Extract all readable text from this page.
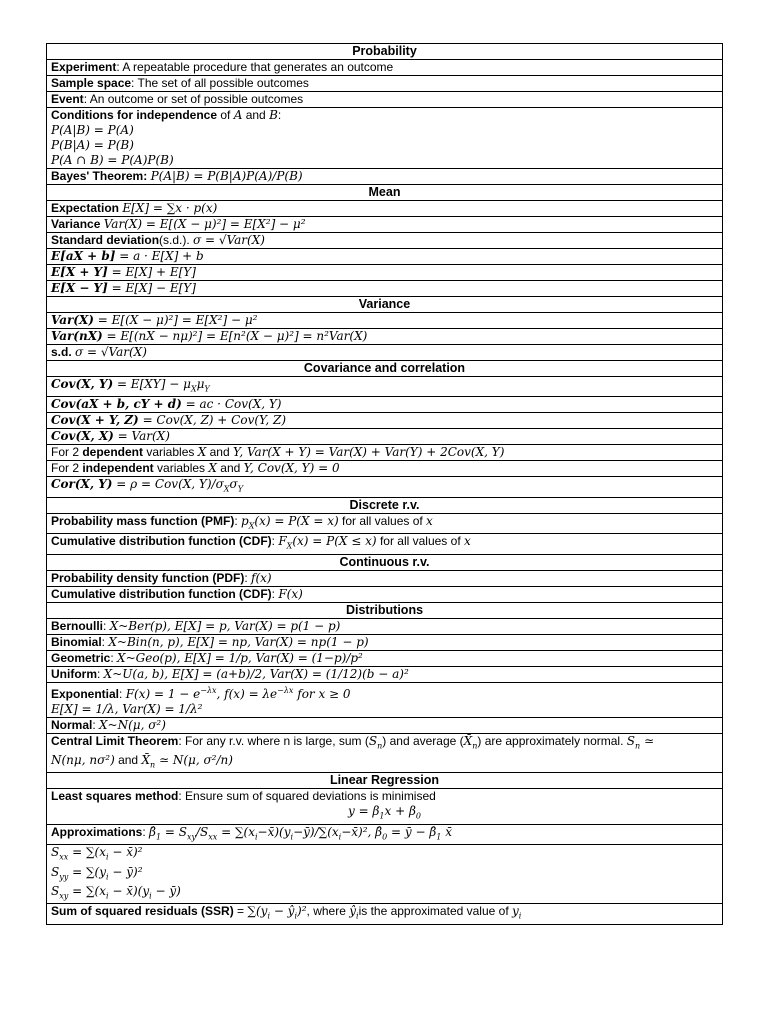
Probability

Experiment: A repeatable procedure that generates an outcome

Sample space: The set of all possible outcomes

Event: An outcome or set of possible outcomes

Conditions for independence of A and B:
P(A|B) = P(A)
P(B|A) = P(B)
P(A ∩ B) = P(A)P(B)

Bayes' Theorem: P(A|B) = P(B|A)P(A)/P(B)

Mean

Expectation E[X] = ∑x · p(x)

Variance Var(X) = E[(X − μ)²] = E[X²] − μ²

Standard deviation(s.d.). σ = √Var(X)

E[aX + b] = a · E[X] + b

E[X + Y] = E[X] + E[Y]

E[X − Y] = E[X] − E[Y]

Variance

Var(X) = E[(X − μ)²] = E[X²] − μ²

Var(nX) = E[(nX − nμ)²] = E[n²(X − μ)²] = n²Var(X)

s.d. σ = √Var(X)

Covariance and correlation

Cov(X, $Y) = E[XY] - \mu_X\mu_Y$

Cov(aX + b, cY + d) = ac · Cov(X, Y)

Cov(X + Y, Z) = Cov(X, Z) + Cov(Y, Z)

Cov(X, X) = Var(X)

For 2 dependent variables X and Y, Var(X + Y) = Var(X) + Var(Y) + 2Cov(X, Y)

For 2 independent variables X and Y, Cov(X, Y) = 0

Cor(X, Y) = ρ = Cov(X, $Y)/\sigma_X\sigma_Y$

Discrete r.v.

Probability mass function (PMF): $p_X(x) = P(X = x)$ for all values of x

Cumulative distribution function (CDF): $F_X(x) = P(X \le x)$ for all values of x

Continuous r.v.

Probability density function (PDF): f(x)

Cumulative distribution function (CDF): F(x)

Distributions

Bernoulli: X~Ber(p), E[X] = p, Var(X) = p(1 − p)

Binomial: X~Bin(n, p), E[X] = np, Var(X) = np(1 − p)

Geometric: X~Geo(p), E[X] = 1/p, Var(X) = (1−p)/p²

Uniform: X~U(a, b), E[X] = (a+b)/2, Var(X) = (1/12)(b − a)²

Exponential: $F(x) = 1 - e^{-\lambda x}$, $f(x) = \lambda e^{-\lambda x}$ for x ≥ 0
E[X] = 1/λ, Var(X) = 1/λ²

Normal: X~N(μ, σ²)

Central Limit Theorem: For any r.v. where n is large, sum $(S_n)$ and average $(X̄_n)$ are approximately normal. $S_n$ ≃
N(nμ, nσ²) and $X̄_n$ ≃ N(μ, σ²/n)

Linear Regression

Least squares method: Ensure sum of squared deviations is minimised
$y = \beta_1x + \beta_0$

Approximations: $\betâ_1 = S_{xy}/S_{xx}$ = $\sum(x_i-x̄)(y_i-ȳ)/\sum(x_i-x̄)^2$, $\betâ_0$ = ȳ − $\betâ_1$ x̄

$S_{xx} = \sum(x_i$ − x̄)²
$S_{yy} = \sum(y_i$ − ȳ)²
$S_{xy} = \sum(x_i$ − $x̄)(y_i$ − ȳ)

Sum of squared residuals $(SSR) = \sum(y_i$ − $ŷ_i)^2$, where $ŷ_iis$ the approximated value of $y_i$
